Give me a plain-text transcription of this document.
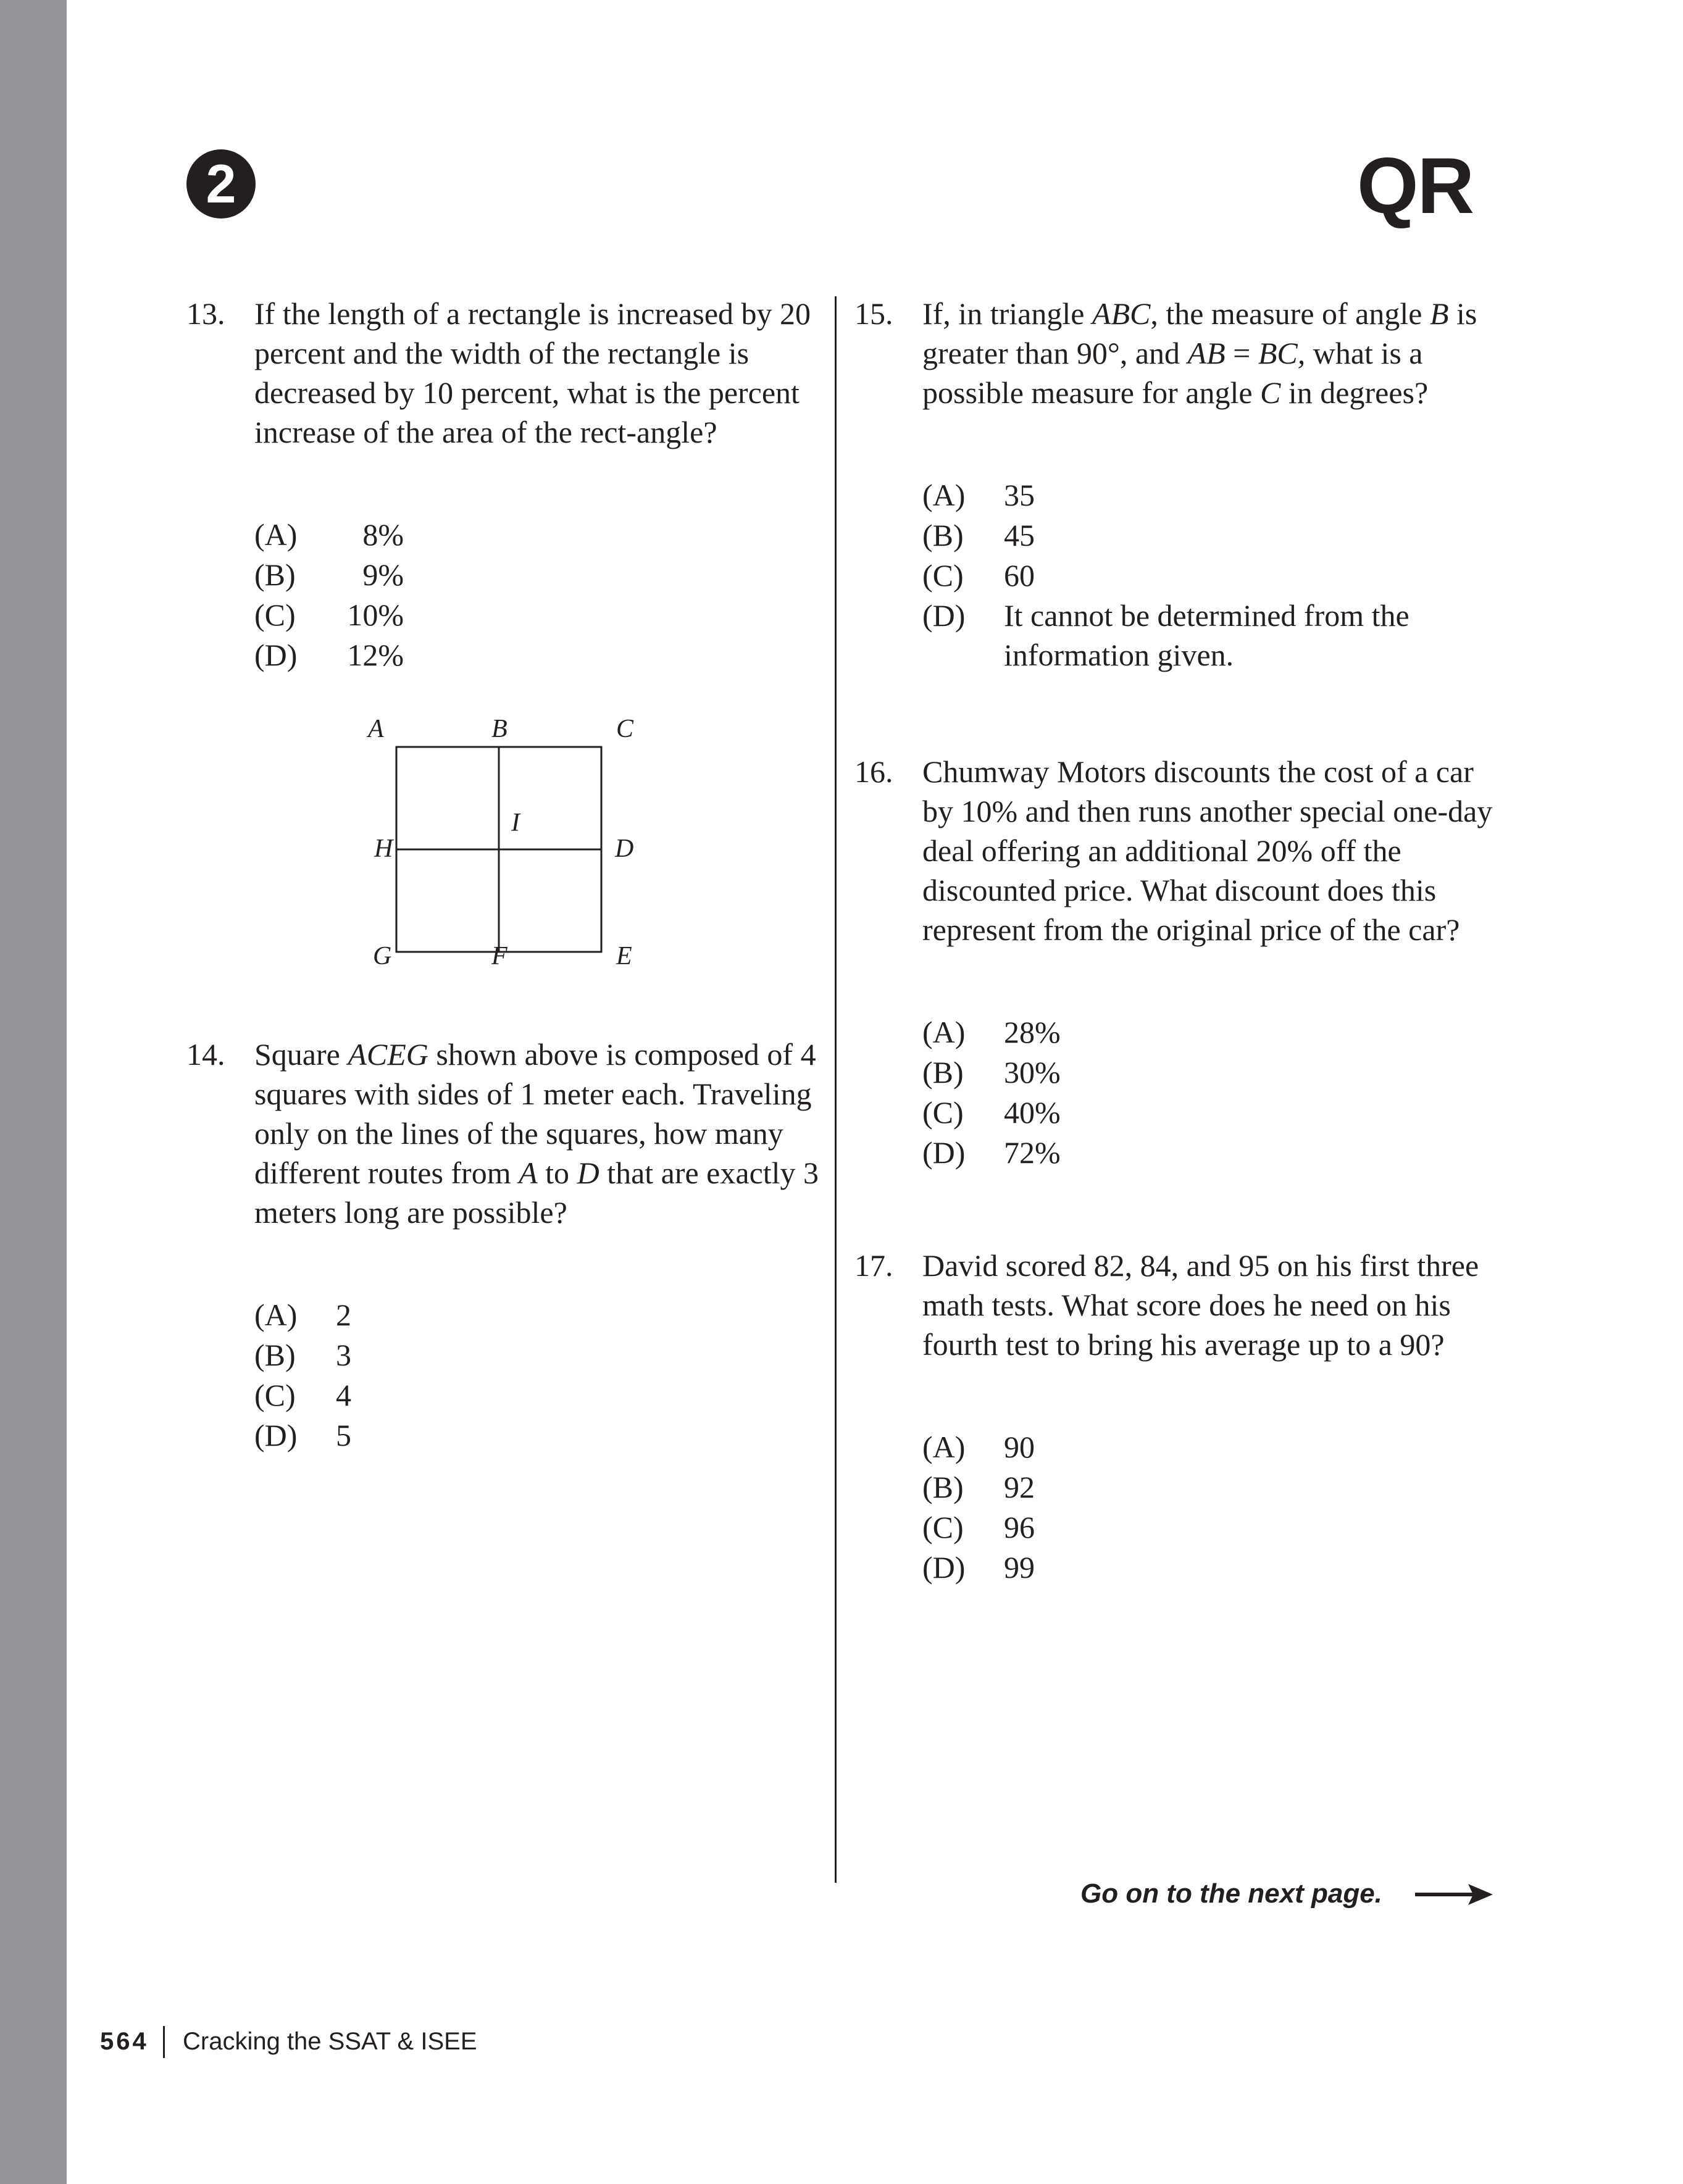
2	QR
13. If the length of a rectangle is increased by 20 percent and the width of the rectangle is decreased by 10 percent, what is the percent increase of the area of the rect-angle?
(A)	8%
(B)	9%
(C)	10%
(D)	12%
A	B	C
H
I
D
G	F	E
14. Square ACEG shown above is composed of 4 squares with sides of 1 meter each. Traveling only on the lines of the squares, how many different routes from A to D that are exactly 3 meters long are possible?
(A) 2
(B) 3
(C) 4
(D) 5
15. If, in triangle ABC, the measure of angle B is greater than 90°, and AB = BC, what is a possible measure for angle C in degrees?
(A) 35
(B) 45
(C) 60
(D) It cannot be determined from the information given.
16. Chumway Motors discounts the cost of a car by 10% and then runs another special one-day deal offering an additional 20% off the discounted price. What discount does this represent from the original price of the car?
(A) 28%
(B) 30%
(C) 40%
(D) 72%
17. David scored 82, 84, and 95 on his first three math tests. What score does he need on his fourth test to bring his average up to a 90?
(A) 90
(B) 92
(C) 96
(D) 99
Go on to the next page.
564 Cracking the SSAT & ISEE
